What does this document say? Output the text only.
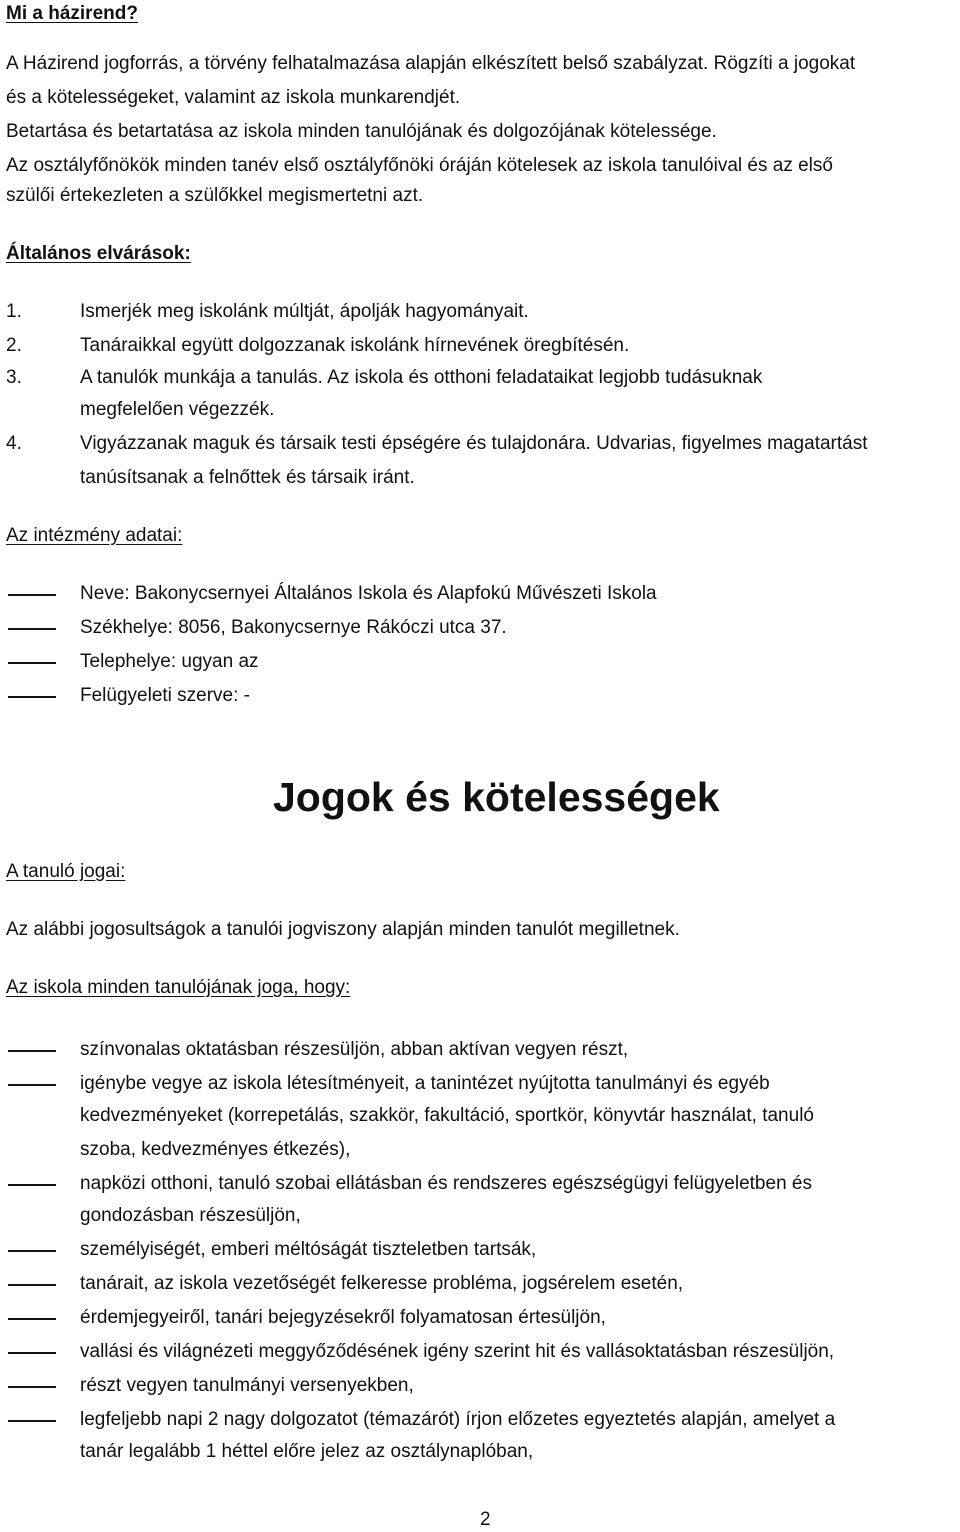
Mi a házirend?
A Házirend jogforrás, a törvény felhatalmazása alapján elkészített belső szabályzat. Rögzíti a jogokat
és a kötelességeket, valamint az iskola munkarendjét.
Betartása és betartatása az iskola minden tanulójának és dolgozójának kötelessége.
Az osztályfőnökök minden tanév első osztályfőnöki óráján kötelesek az iskola tanulóival és az első
szülői értekezleten a szülőkkel megismertetni azt.
Általános elvárások:
1.	Ismerjék meg iskolánk múltját, ápolják hagyományait.
2.	Tanáraikkal együtt dolgozzanak iskolánk hírnevének öregbítésén.
3.	A tanulók munkája a tanulás. Az iskola és otthoni feladataikat legjobb tudásuknak
megfelelően végezzék.
4.	Vigyázzanak maguk és társaik testi épségére és tulajdonára. Udvarias, figyelmes magatartást
tanúsítsanak a felnőttek és társaik iránt.
Az intézmény adatai:
Neve: Bakonycsernyei Általános Iskola és Alapfokú Művészeti Iskola
Székhelye: 8056, Bakonycsernye Rákóczi utca 37.
Telephelye: ugyan az
Felügyeleti szerve: -
Jogok és kötelességek
A tanuló jogai:
Az alábbi jogosultságok a tanulói jogviszony alapján minden tanulót megilletnek.
Az iskola minden tanulójának joga, hogy:
színvonalas oktatásban részesüljön, abban aktívan vegyen részt,
igénybe vegye az iskola létesítményeit, a tanintézet nyújtotta tanulmányi és egyéb
kedvezményeket (korrepetálás, szakkör, fakultáció, sportkör, könyvtár használat, tanuló
szoba, kedvezményes étkezés),
napközi otthoni, tanuló szobai ellátásban és rendszeres egészségügyi felügyeletben és
gondozásban részesüljön,
személyiségét, emberi méltóságát tiszteletben tartsák,
tanárait, az iskola vezetőségét felkeresse probléma, jogsérelem esetén,
érdemjegyeiről, tanári bejegyzésekről folyamatosan értesüljön,
vallási és világnézeti meggyőződésének igény szerint hit és vallásoktatásban részesüljön,
részt vegyen tanulmányi versenyekben,
legfeljebb napi 2 nagy dolgozatot (témazárót) írjon előzetes egyeztetés alapján, amelyet a
tanár legalább 1 héttel előre jelez az osztálynaplóban,
2
